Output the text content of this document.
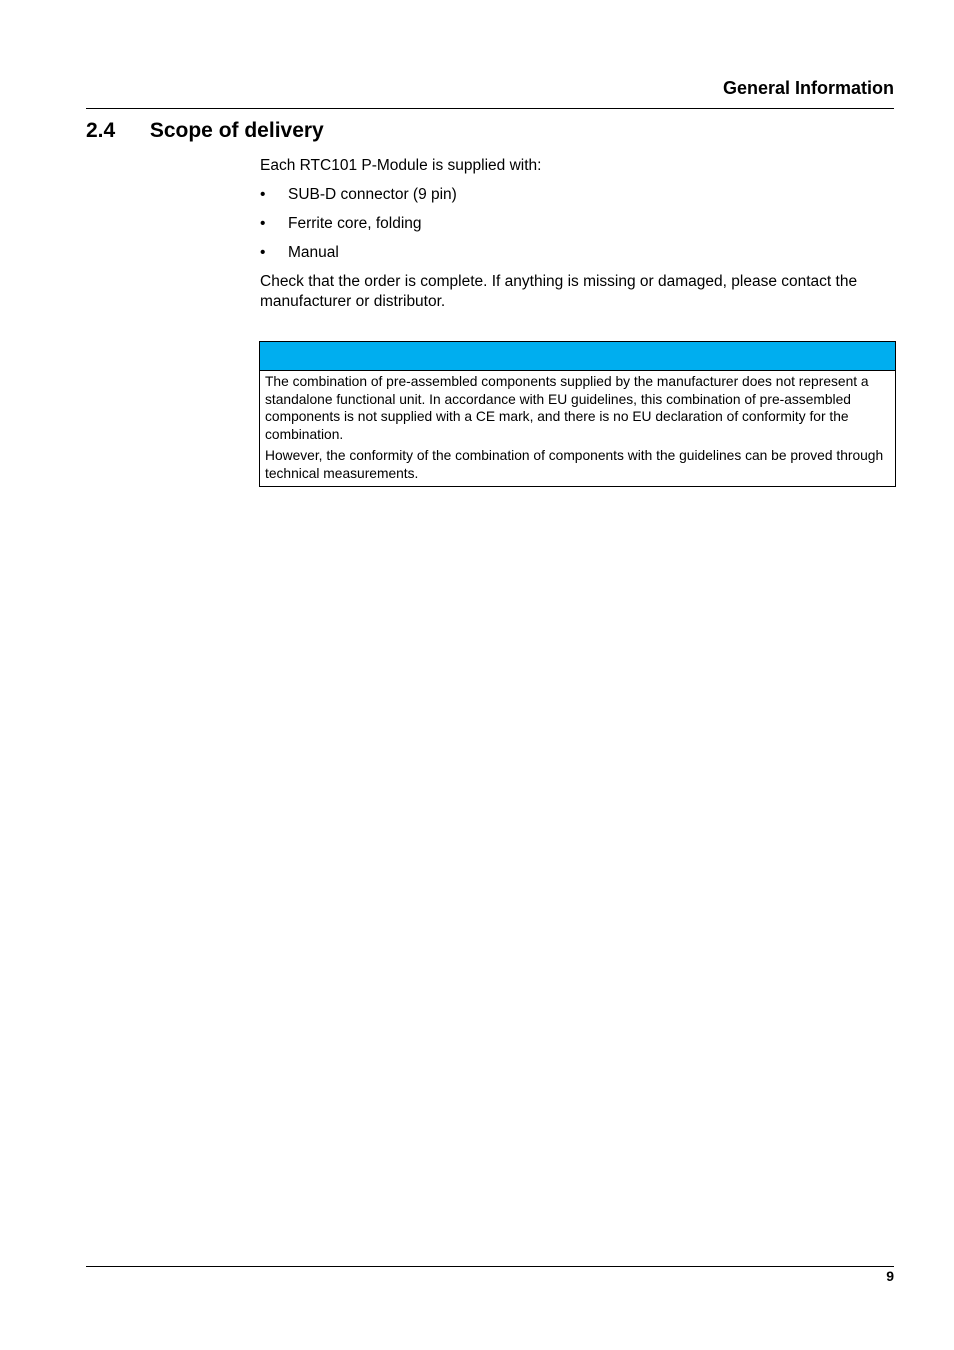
General Information
2.4 Scope of delivery

Each RTC101 P-Module is supplied with:

• SUB-D connector (9 pin)
• Ferrite core, folding
• Manual

Check that the order is complete. If anything is missing or damaged, please contact the manufacturer or distributor.

The combination of pre-assembled components supplied by the manufacturer does not represent a standalone functional unit. In accordance with EU guidelines, this combination of pre-assembled components is not supplied with a CE mark, and there is no EU declaration of conformity for the combination.

However, the conformity of the combination of components with the guidelines can be proved through technical measurements.

9
